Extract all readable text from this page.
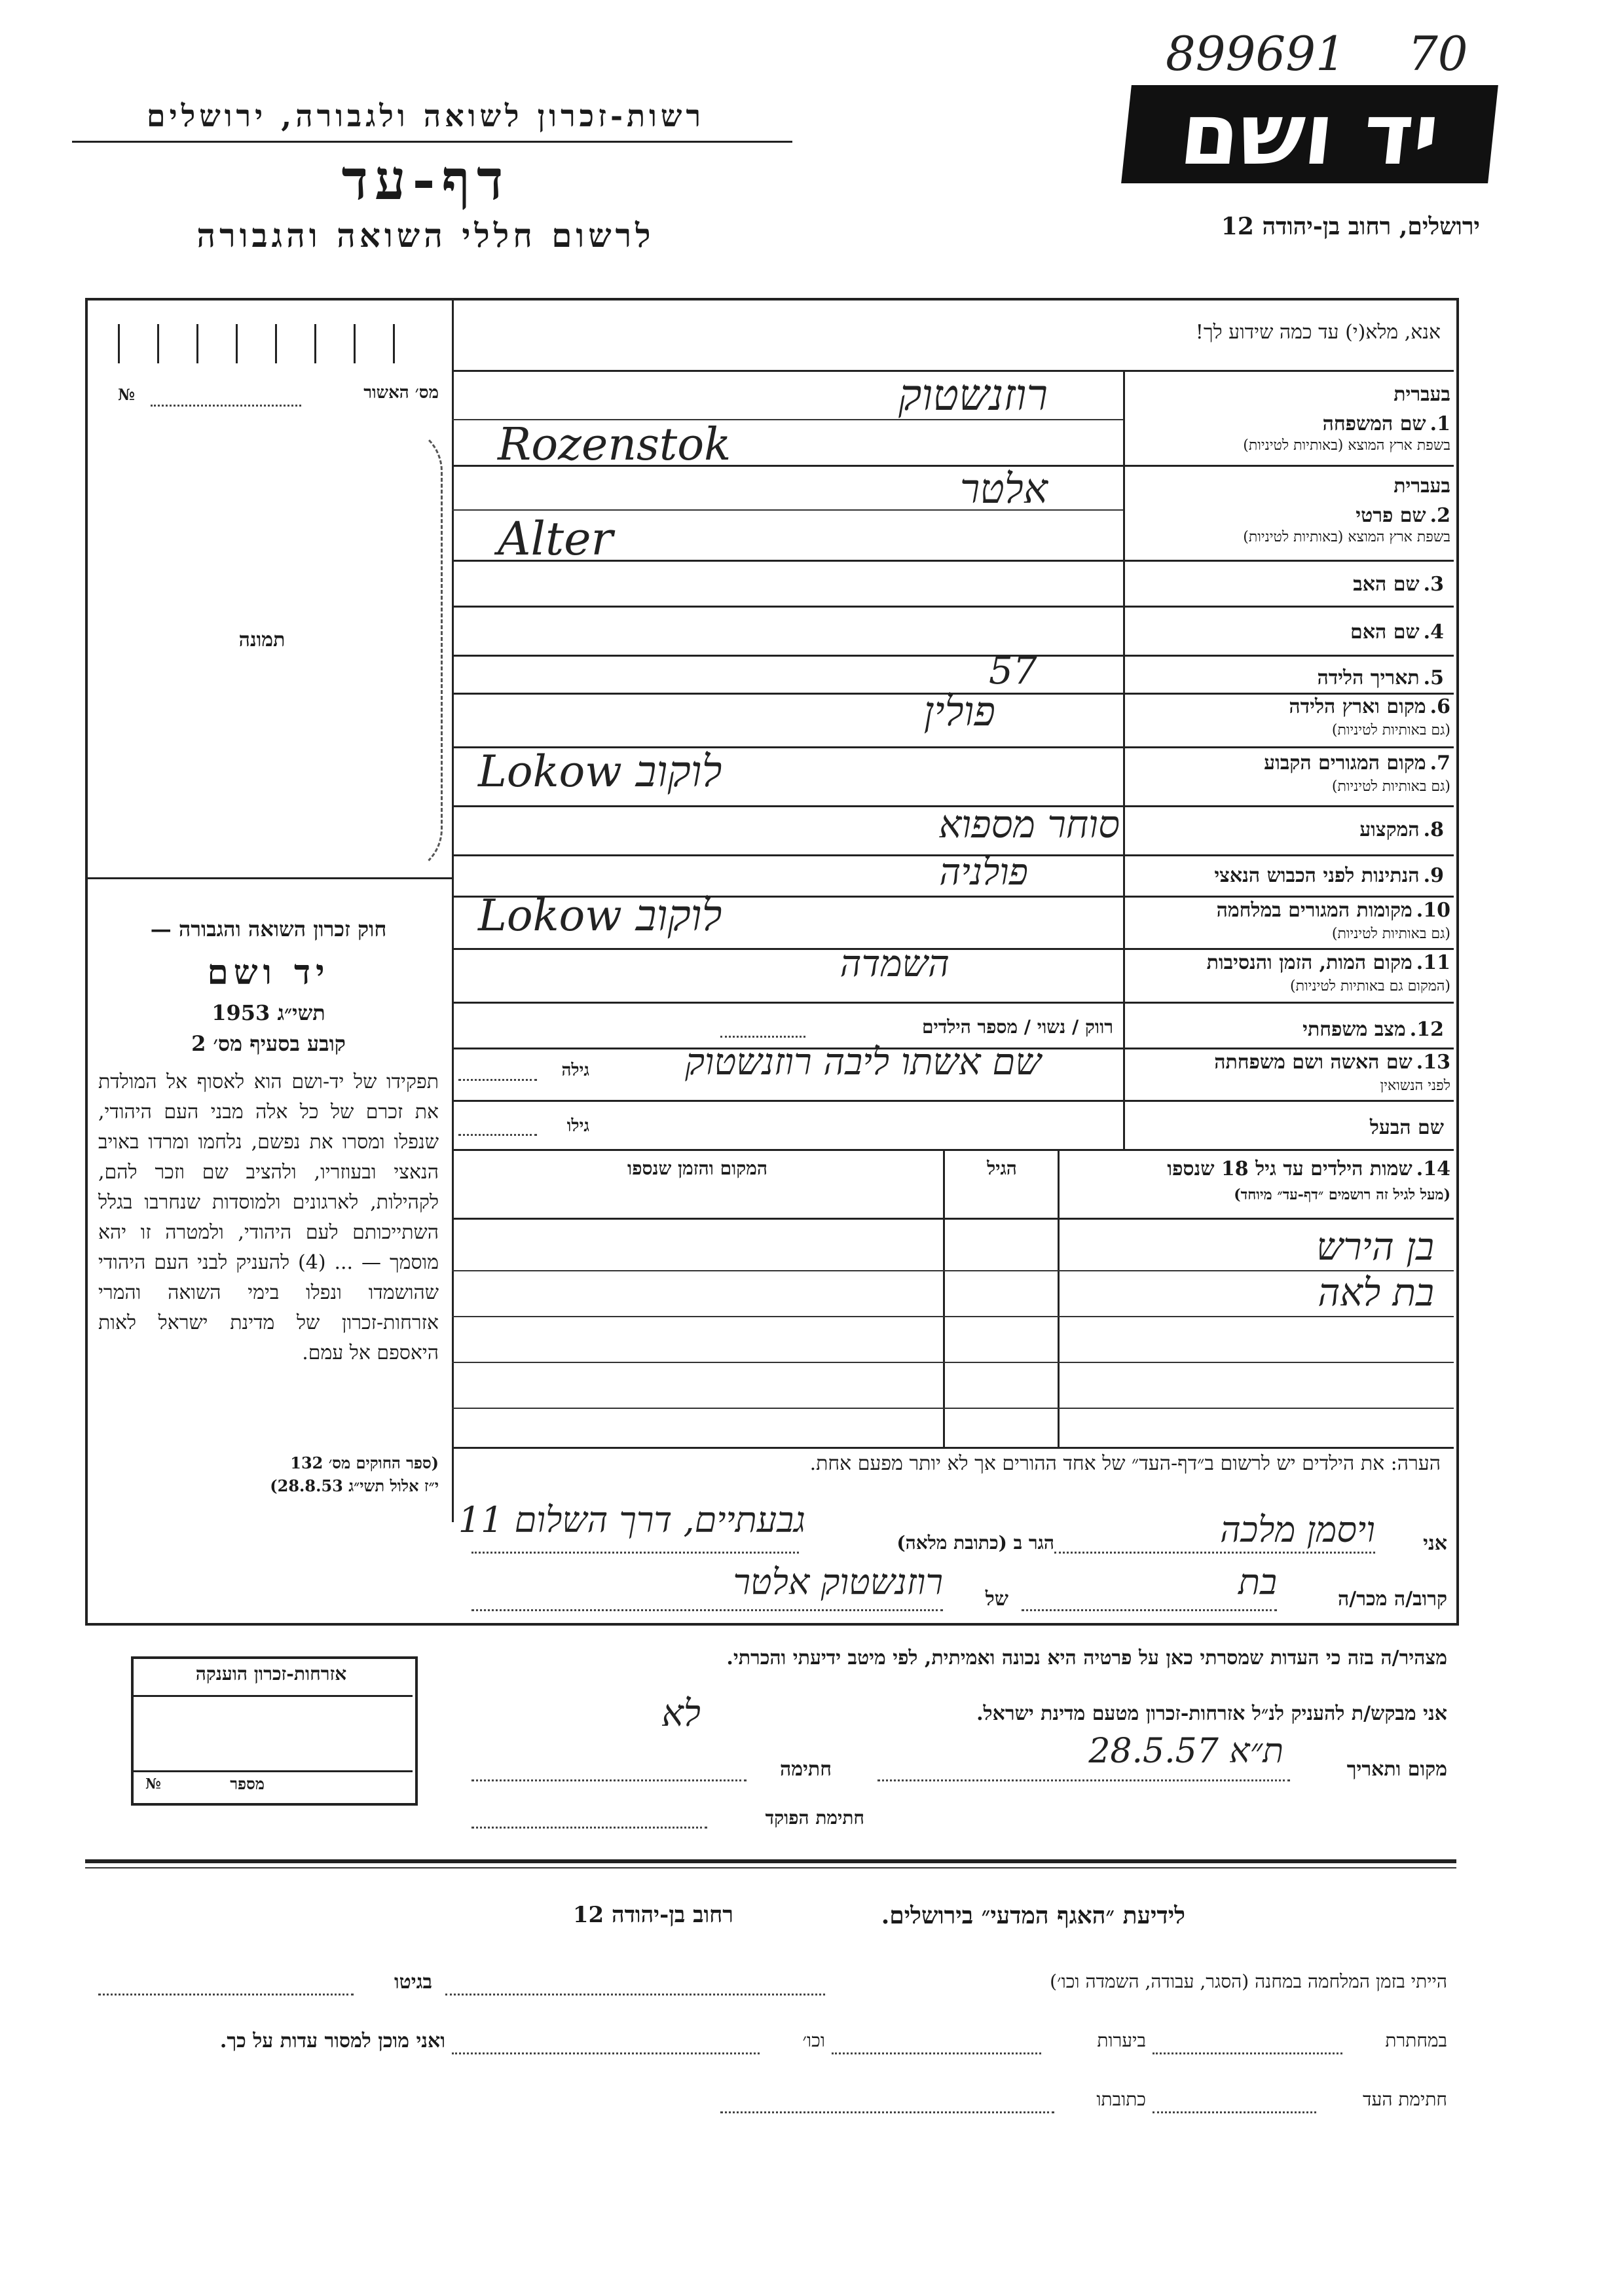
899691 70
רשות-זכרון לשואה ולגבורה, ירושלים
דף-עד
לרשום חללי השואה והגבורה
יד ושם
ירושלים, רחוב בן-יהודה 12
אנא, מלא(י) עד כמה שידוע לך!
№	מס׳ האשור
תמונה
חוק זכרון השואה והגבורה —
יד ושם
תשי״ג 1953
קובע בסעיף מס׳ 2
תפקידו של יד-ושם הוא לאסוף אל המולדת את זכרם של כל אלה מבני העם היהודי, שנפלו ומסרו את נפשם, נלחמו ומרדו באויב הנאצי ובעוזריו, ולהציב שם וזכר להם, לקהילות, לארגונים ולמוסדות שנחרבו בגלל השתייכותם לעם היהודי, ולמטרה זו יהא מוסמך — ... (4) להעניק לבני העם היהודי שהושמדו ונפלו בימי השואה והמרי אזרחות-זכרון של מדינת ישראל לאות היאספם אל עמם.
(ספר החוקים מס׳ 132
י״ז אלול תשי״ג 28.8.53)
בעברית
1.שם המשפחה
בשפת ארץ המוצא (באותיות לטיניות)
רוזנשטוק
Rozenstok
בעברית
2.שם פרטי
בשפת ארץ המוצא (באותיות לטיניות)
אלטר
Alter
3.שם האב
4.שם האם
5.תאריך הלידה
57
6.מקום וארץ הלידה
(גם באותיות לטיניות)
פולין
7.מקום המגורים הקבוע
(גם באותיות לטיניות)
Lokow לוקוב
8.המקצוע
סוחר מספוא
9.הנתינות לפני הכבוש הנאצי
פולניה
10.מקומות המגורים במלחמה
(גם באותיות לטיניות)
Lokow לוקוב
11.מקום המות, הזמן והנסיבות
(המקום גם באותיות לטיניות)
השמדה
12.מצב משפחתי
רווק / נשוי / מספר הילדים
13.שם האשה ושם משפחתה
לפני הנשואין
שם אשתו ליבה רוזנשטוק
גילה
שם הבעל
גילו
14.שמות הילדים עד גיל 18 שנספו
(מעל לגיל זה רושמים ״דף-עד״ מיוחד)
הגיל
המקום והזמן שנספו
בן הירש
בת לאה
הערה: את הילדים יש לרשום ב״דף-העד״ של אחד ההורים אך לא יותר מפעם אחת.
אני
ויסמן מלכה
הגר ב (כתובת מלאה)
גבעתיים, דרך השלום 11
קרוב/ה מכר/ה
בת
של
רוזנשטוק אלטר
מצהיר/ה בזה כי העדות שמסרתי כאן על פרטיה היא נכונה ואמיתית, לפי מיטב ידיעתי והכרתי.
אני מבקש/ת להעניק לנ״ל אזרחות-זכרון מטעם מדינת ישראל.
לא
מקום ותאריך
ת״א 28.5.57
חתימה
חתימת הפוקד
אזרחות-זכרון הוענקה
№	מספר
לידיעת ״האגף המדעי״ בירושלים.
רחוב בן-יהודה 12
הייתי בזמן המלחמה במחנה (הסגר, עבודה, השמדה וכו׳)
בגיטו
במחתרת
ביערות
וכו׳
ואני מוכן למסור עדות על כך.
חתימת העד
כתובתו
